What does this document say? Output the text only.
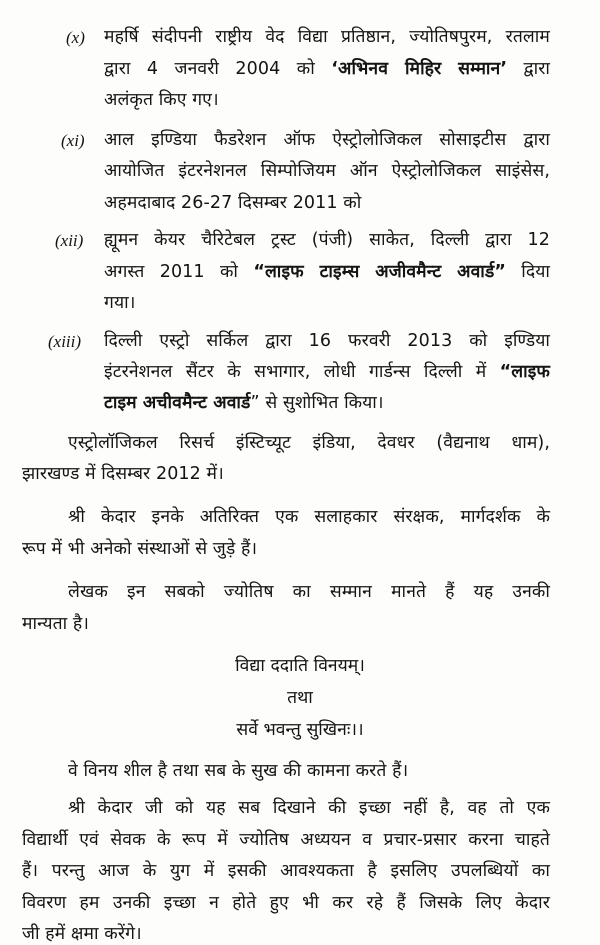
(x) महर्षि संदीपनी राष्ट्रीय वेद विद्या प्रतिष्ठान, ज्योतिषपुरम, रतलाम
द्वारा 4 जनवरी 2004 को ‘अभिनव मिहिर सम्मान’ द्वारा
अलंकृत किए गए।
(xi) आल इण्डिया फैडरेशन ऑफ ऐस्ट्रोलोजिकल सोसाइटीस द्वारा
आयोजित इंटरनेशनल सिम्पोजियम ऑन ऐस्ट्रोलोजिकल साइंसेस,
अहमदाबाद 26-27 दिसम्बर 2011 को
(xii) ह्यूमन केयर चैरिटेबल ट्रस्ट (पंजी) साकेत, दिल्ली द्वारा 12
अगस्त 2011 को “लाइफ टाइम्स अजीवमैन्ट अवार्ड” दिया
गया।
(xiii) दिल्ली एस्ट्रो सर्किल द्वारा 16 फरवरी 2013 को इण्डिया
इंटरनेशनल सैंटर के सभागार, लोधी गार्डन्स दिल्ली में “लाइफ
टाइम अचीवमैन्ट अवार्ड” से सुशोभित किया।
एस्ट्रोलॉजिकल रिसर्च इंस्टिच्यूट इंडिया, देवधर (वैद्यनाथ धाम),
झारखण्ड में दिसम्बर 2012 में।
श्री केदार इनके अतिरिक्त एक सलाहकार संरक्षक, मार्गदर्शक के
रूप में भी अनेको संस्थाओं से जुड़े हैं।
लेखक इन सबको ज्योतिष का सम्मान मानते हैं यह उनकी
मान्यता है।
विद्या ददाति विनयम्।
तथा
सर्वे भवन्तु सुखिनः।।
वे विनय शील है तथा सब के सुख की कामना करते हैं।
श्री केदार जी को यह सब दिखाने की इच्छा नहीं है, वह तो एक
विद्यार्थी एवं सेवक के रूप में ज्योतिष अध्ययन व प्रचार-प्रसार करना चाहते
हैं। परन्तु आज के युग में इसकी आवश्यकता है इसलिए उपलब्धियों का
विवरण हम उनकी इच्छा न होते हुए भी कर रहे हैं जिसके लिए केदार
जी हमें क्षमा करेंगे।
